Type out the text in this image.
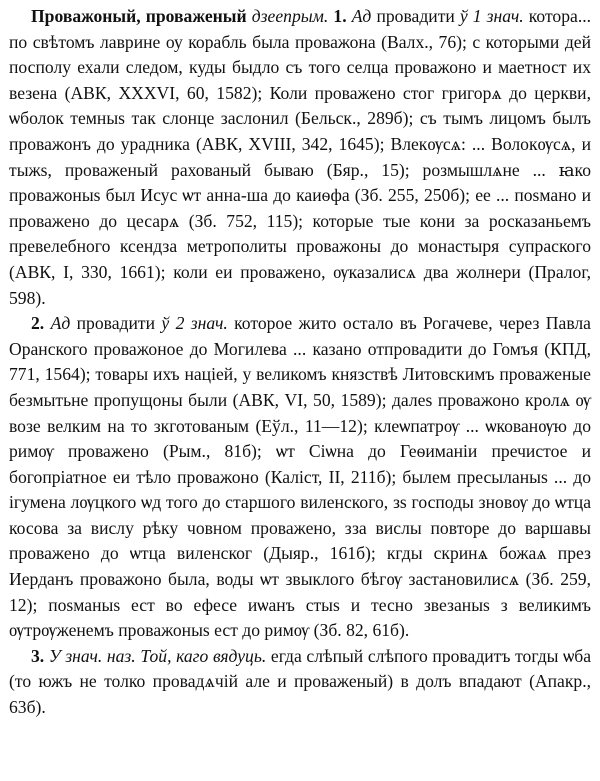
Проважоный, проваженый дзеепрым. 1. Ад провадити ў 1 знач. котора... по свѣтомъ лаврине оу корабль была проважона (Валх., 76); с которыми дей посполу ехали следом, куды быдло съ того селца проважоно и маетност их везена (АВК, XXXVI, 60, 1582); Коли проважено стог григорѧ до церкви, ѡболок темныs так слонце заслонил (Бельск., 289б); съ тымъ лицомъ былъ проважонъ до урадника (АВК, XVIII, 342, 1645); Влекѹсѧ: ... Волокѹсѧ, и тыжs, проваженый рахованый бываю (Бяр., 15); розмышлѧне ... ꙗко проважоныs был Исус ѡт анна-ша до каиѳфа (Зб. 255, 250б); ее ... поsмано и проважено до цесарѧ (Зб. 752, 115); которые тые кони за росказаньемъ превелебного ксендза метрополиты проважоны до монастыря супраского (АВК, I, 330, 1661); коли еи проважено, ѹказалисѧ два жолнери (Пралог, 598).

2. Ад провадити ў 2 знач. которое жито остало въ Рогачеве, через Павла Оранского проважоное до Могилева ... казано отпровадити до Гомъя (КПД, 771, 1564); товары ихъ нацiей, у великомъ князствѣ Литовскимъ проваженые безмытьне пропущоны были (АВК, VI, 50, 1589); далеs проважоно кролѧ ѹ возе велким на то зкготованым (Еўл., 11—12); клеѡпатрѹ ... ѡкованѹю до римѹ проважено (Рым., 81б); ѡт Сiѡна до Геѳиманiи пречистое и богопрiатное еи тѣло проважоно (Каліст, II, 211б); былем пресыланыs ... до iгумена лѹцкого ѡд того до старшого виленского, зs господы зновѹ до ѡтца косова за вислу рѣку човном проважено, зза вислы повторе до варшавы проважено до ѡтца виленског (Дыяр., 161б); кгды скринѧ божаѧ през Иерданъ проважоно была, воды ѡт звыклого бѣгѹ застановилисѧ (Зб. 259, 12); поsманыs ест во ефесе иѡанъ стыs и тесно звезаныs з великимъ ѹтрѹженемъ проважоныs ест до римѹ (Зб. 82, 61б).

3. У знач. наз. Той, каго вядуць. егда слѣпый слѣпого провадитъ тогды ѡба (то южъ не толко провадѧчiй але и проваженый) в долъ впадают (Апакр., 63б).
